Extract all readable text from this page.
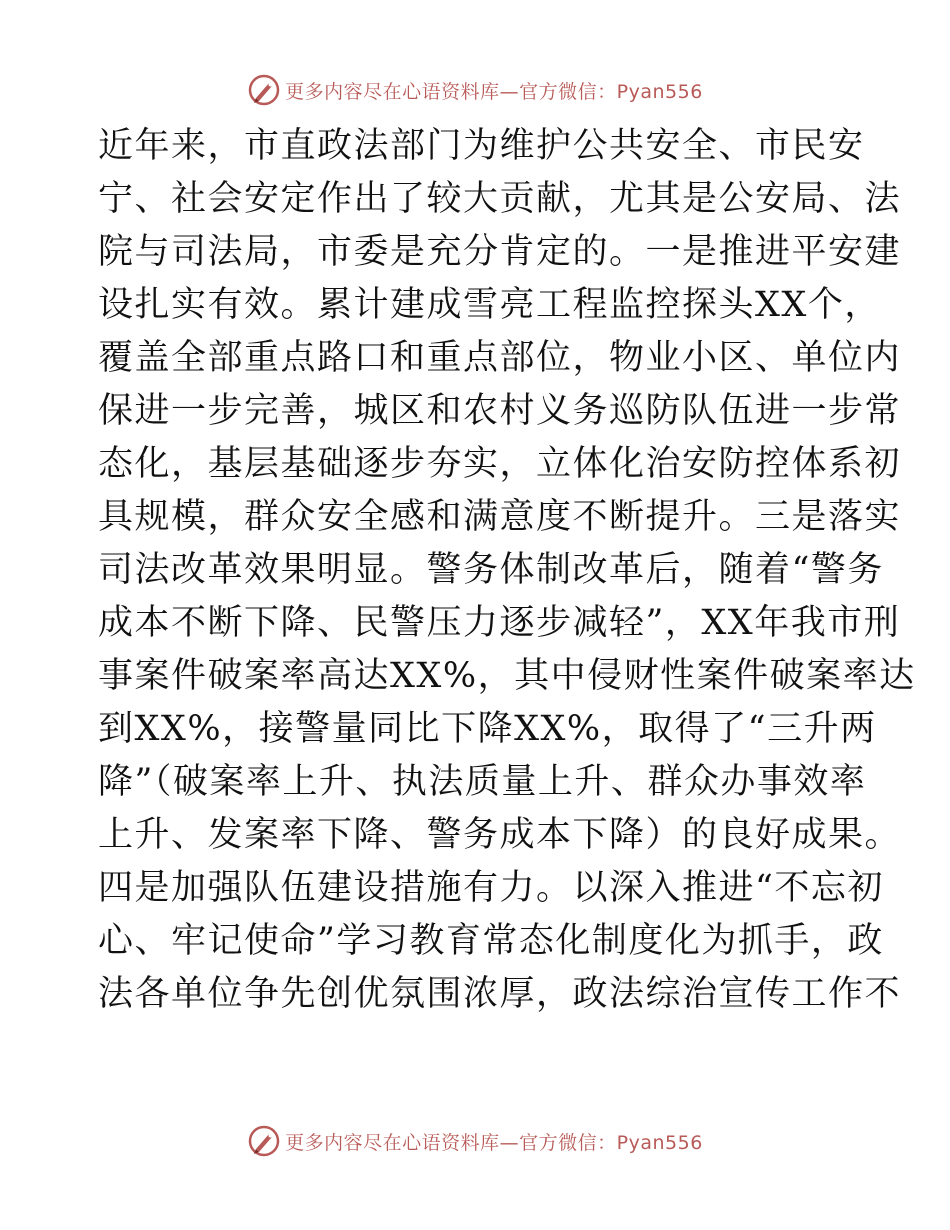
更多内容尽在心语资料库—官方微信：Pyan556
近年来，市直政法部门为维护公共安全、市民安
宁、社会安定作出了较大贡献，尤其是公安局、法
院与司法局，市委是充分肯定的。一是推进平安建
设扎实有效。累计建成雪亮工程监控探头XX个，
覆盖全部重点路口和重点部位，物业小区、单位内
保进一步完善，城区和农村义务巡防队伍进一步常
态化，基层基础逐步夯实，立体化治安防控体系初
具规模，群众安全感和满意度不断提升。三是落实
司法改革效果明显。警务体制改革后，随着“警务
成本不断下降、民警压力逐步减轻”，XX年我市刑
事案件破案率高达XX%，其中侵财性案件破案率达
到XX%，接警量同比下降XX%，取得了“三升两
降”（破案率上升、执法质量上升、群众办事效率
上升、发案率下降、警务成本下降）的良好成果。
四是加强队伍建设措施有力。以深入推进“不忘初
心、牢记使命”学习教育常态化制度化为抓手，政
法各单位争先创优氛围浓厚，政法综治宣传工作不
更多内容尽在心语资料库—官方微信：Pyan556
